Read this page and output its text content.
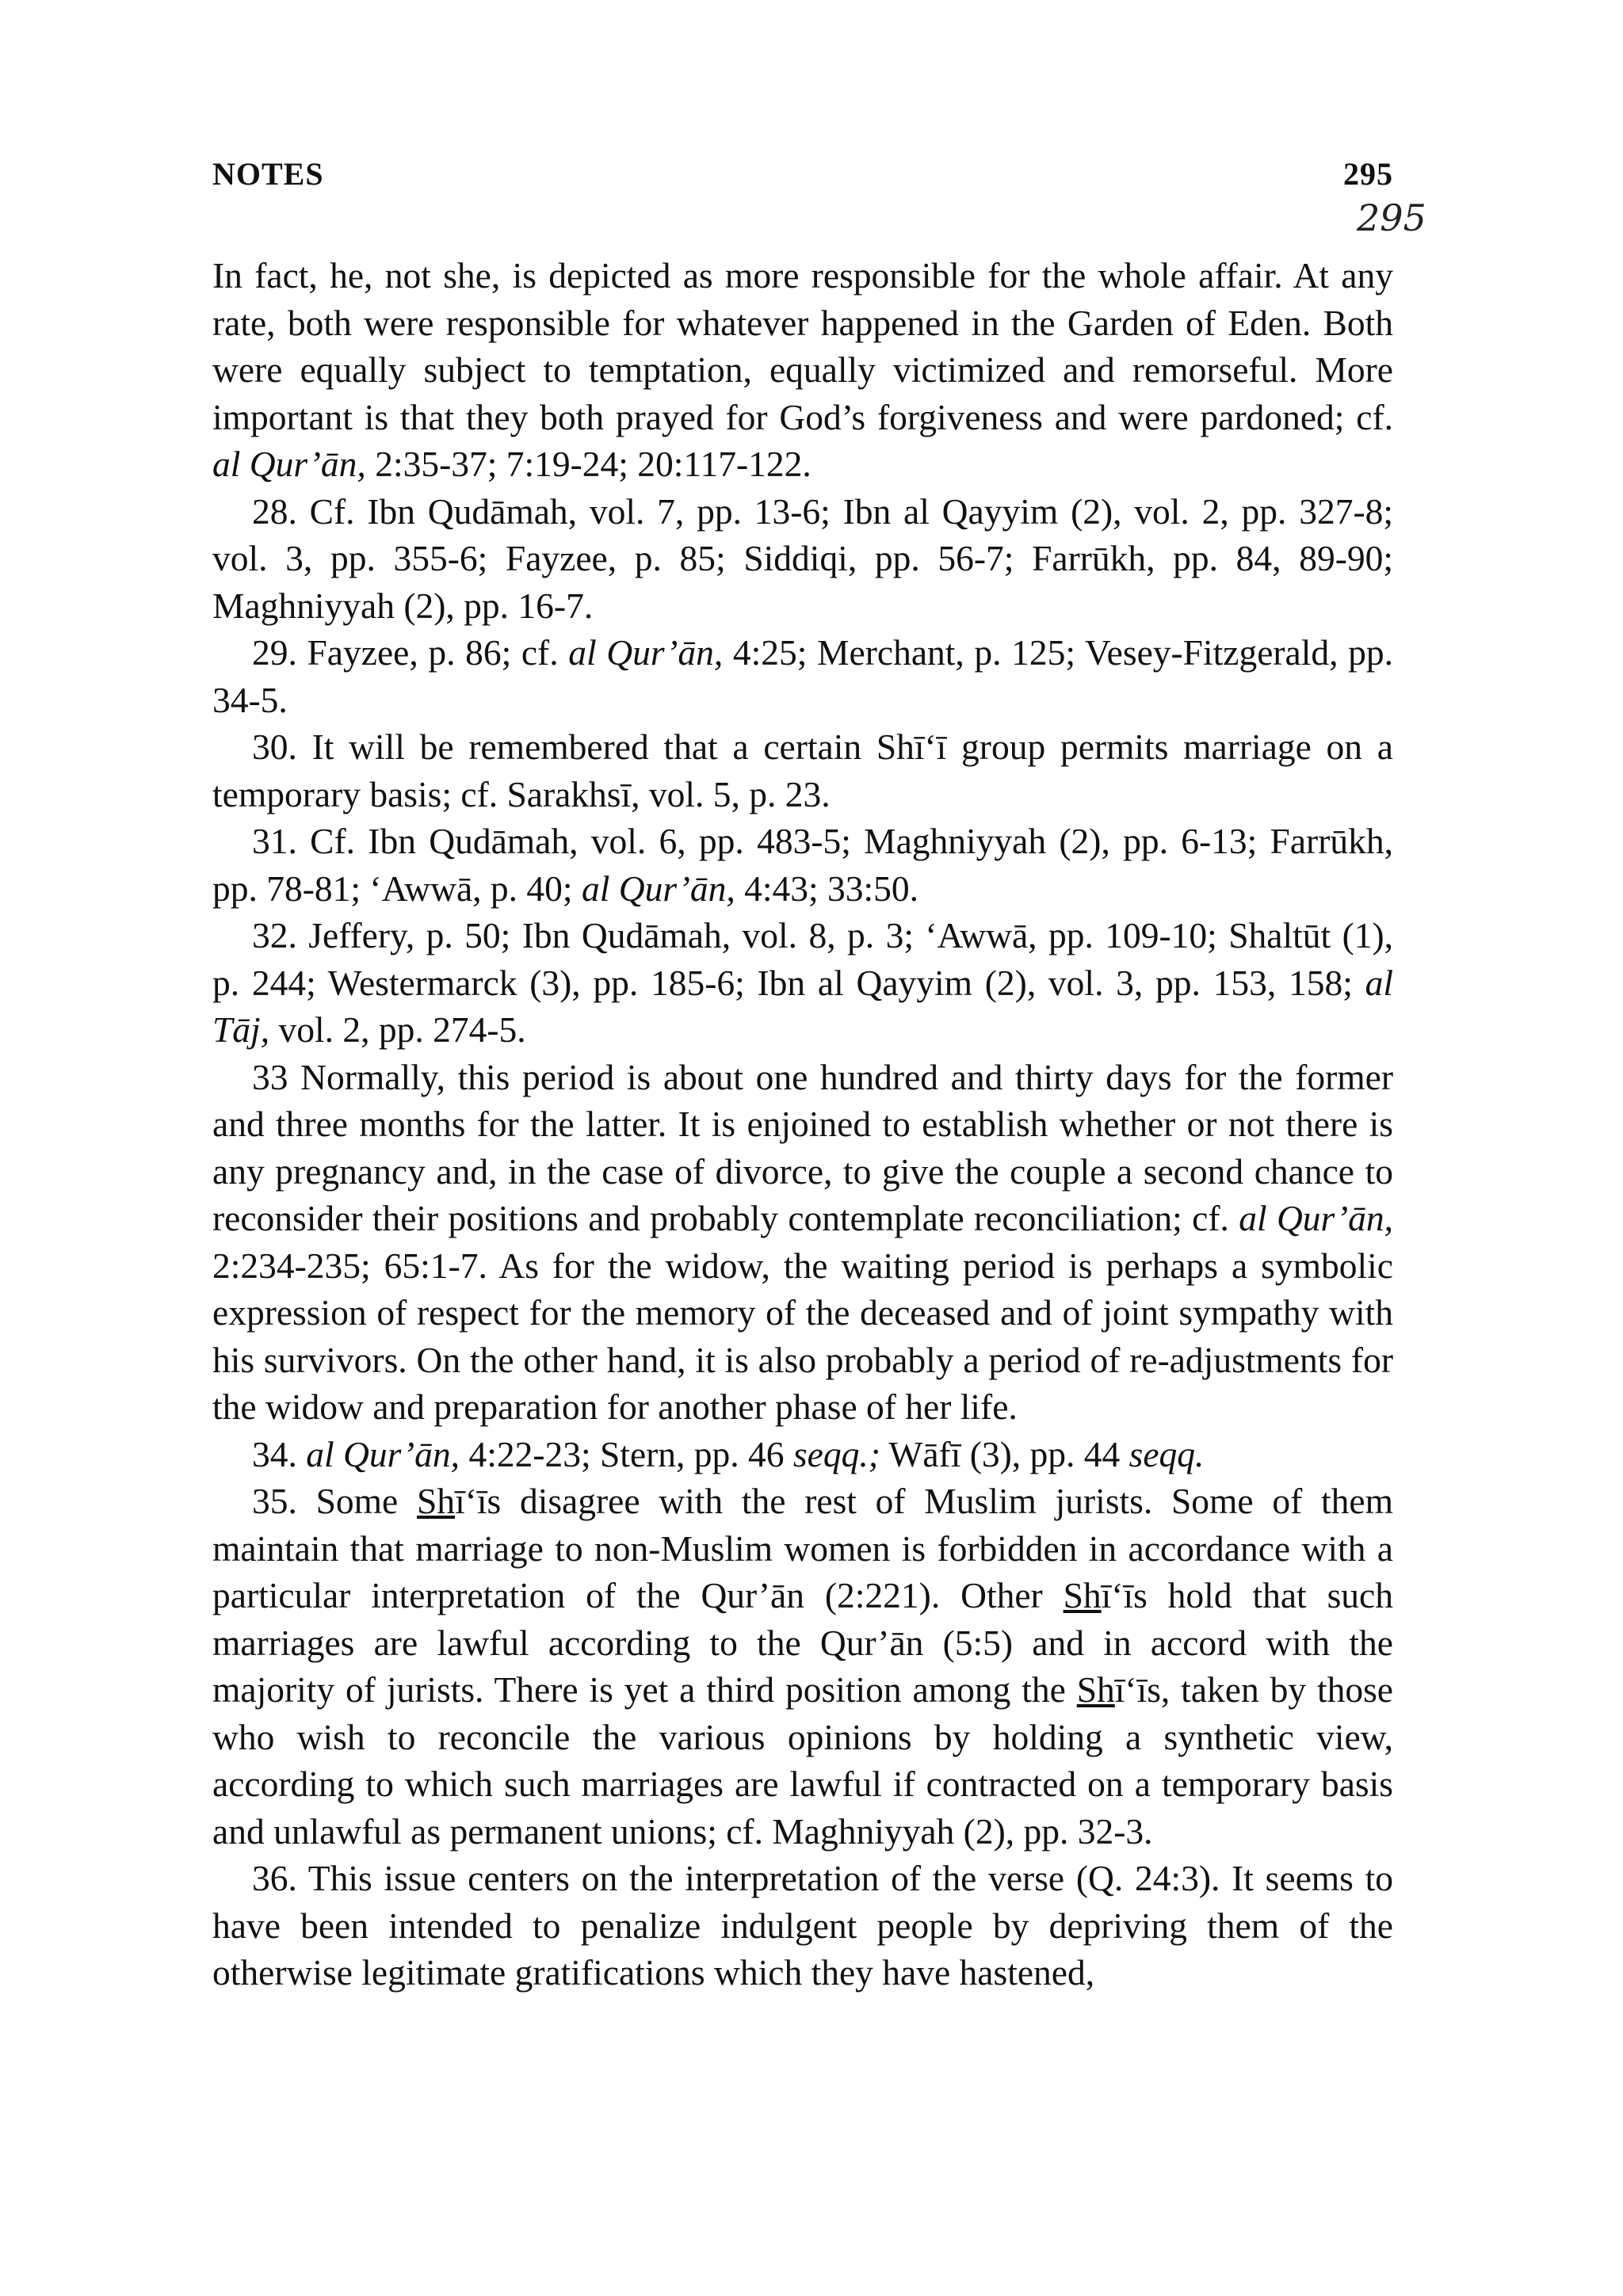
NOTES	295
295

In fact, he, not she, is depicted as more responsible for the whole affair. At any rate, both were responsible for whatever happened in the Garden of Eden. Both were equally subject to temptation, equally victimized and remorseful. More important is that they both prayed for God’s forgiveness and were pardoned; cf. al Qur’ān, 2:35-37; 7:19-24; 20:117-122.

28. Cf. Ibn Qudāmah, vol. 7, pp. 13-6; Ibn al Qayyim (2), vol. 2, pp. 327-8; vol. 3, pp. 355-6; Fayzee, p. 85; Siddiqi, pp. 56-7; Farrūkh, pp. 84, 89-90; Maghniyyah (2), pp. 16-7.

29. Fayzee, p. 86; cf. al Qur’ān, 4:25; Merchant, p. 125; Vesey-Fitzgerald, pp. 34-5.

30. It will be remembered that a certain Shī‘ī group permits marriage on a temporary basis; cf. Sarakhsī, vol. 5, p. 23.

31. Cf. Ibn Qudāmah, vol. 6, pp. 483-5; Maghniyyah (2), pp. 6-13; Farrūkh, pp. 78-81; ‘Awwā, p. 40; al Qur’ān, 4:43; 33:50.

32. Jeffery, p. 50; Ibn Qudāmah, vol. 8, p. 3; ‘Awwā, pp. 109-10; Shaltūt (1), p. 244; Westermarck (3), pp. 185-6; Ibn al Qayyim (2), vol. 3, pp. 153, 158; al Tāj, vol. 2, pp. 274-5.

33 Normally, this period is about one hundred and thirty days for the former and three months for the latter. It is enjoined to establish whether or not there is any pregnancy and, in the case of divorce, to give the couple a second chance to reconsider their positions and probably contemplate reconciliation; cf. al Qur’ān, 2:234-235; 65:1-7. As for the widow, the waiting period is perhaps a symbolic expression of respect for the memory of the deceased and of joint sympathy with his survivors. On the other hand, it is also probably a period of re-adjustments for the widow and preparation for another phase of her life.

34. al Qur’ān, 4:22-23; Stern, pp. 46 seqq.; Wāfī (3), pp. 44 seqq.

35. Some Shī‘īs disagree with the rest of Muslim jurists. Some of them maintain that marriage to non-Muslim women is forbidden in accordance with a particular interpretation of the Qur’ān (2:221). Other Shī‘īs hold that such marriages are lawful according to the Qur’ān (5:5) and in accord with the majority of jurists. There is yet a third position among the Shī‘īs, taken by those who wish to reconcile the various opinions by holding a synthetic view, according to which such marriages are lawful if contracted on a temporary basis and unlawful as permanent unions; cf. Maghniyyah (2), pp. 32-3.

36. This issue centers on the interpretation of the verse (Q. 24:3). It seems to have been intended to penalize indulgent people by depriving them of the otherwise legitimate gratifications which they have hastened,
